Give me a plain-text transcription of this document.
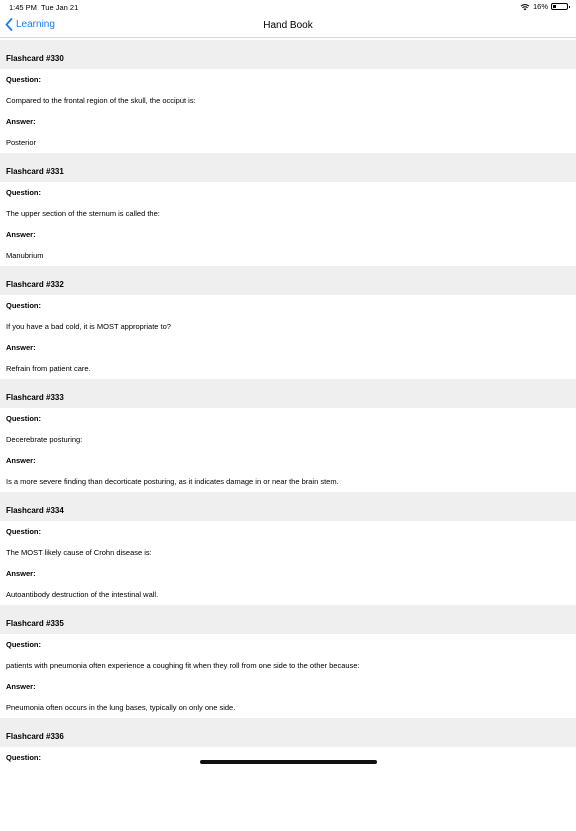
1:45 PM Tue Jan 21	16%
Learning	Hand Book
Flashcard #330
Question:
Compared to the frontal region of the skull, the occiput is:
Answer:
Posterior
Flashcard #331
Question:
The upper section of the sternum is called the:
Answer:
Manubrium
Flashcard #332
Question:
If you have a bad cold, it is MOST appropriate to?
Answer:
Refrain from patient care.
Flashcard #333
Question:
Decerebrate posturing:
Answer:
Is a more severe finding than decorticate posturing, as it indicates damage in or near the brain stem.
Flashcard #334
Question:
The MOST likely cause of Crohn disease is:
Answer:
Autoantibody destruction of the intestinal wall.
Flashcard #335
Question:
patients with pneumonia often experience a coughing fit when they roll from one side to the other because:
Answer:
Pneumonia often occurs in the lung bases, typically on only one side.
Flashcard #336
Question:
